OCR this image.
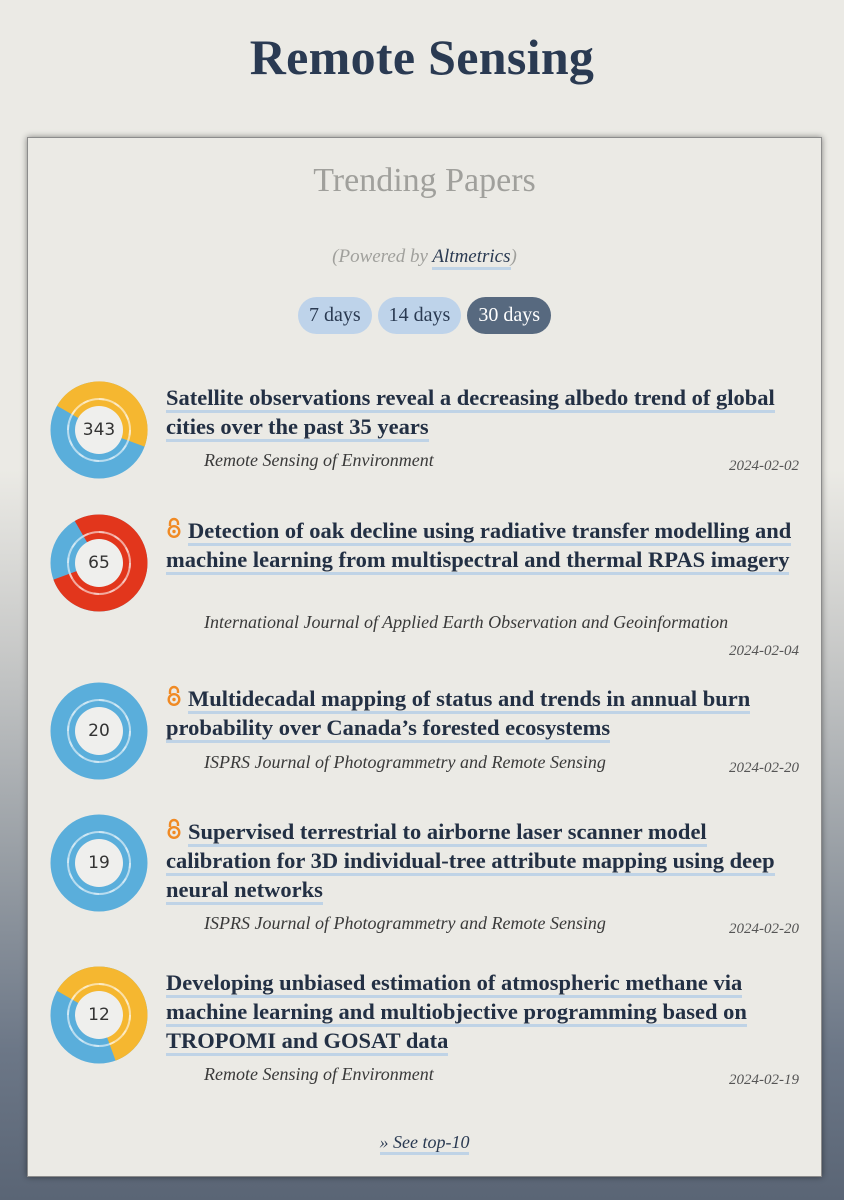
Remote Sensing
Trending Papers
(Powered by Altmetrics)
7 days 14 days 30 days
343
Satellite observations reveal a decreasing albedo trend of global cities over the past 35 years
Remote Sensing of Environment	2024-02-02
65
Detection of oak decline using radiative transfer modelling and machine learning from multispectral and thermal RPAS imagery
International Journal of Applied Earth Observation and Geoinformation
2024-02-04
20
Multidecadal mapping of status and trends in annual burn probability over Canada’s forested ecosystems
ISPRS Journal of Photogrammetry and Remote Sensing	2024-02-20
19
Supervised terrestrial to airborne laser scanner model calibration for 3D individual-tree attribute mapping using deep neural networks
ISPRS Journal of Photogrammetry and Remote Sensing	2024-02-20
12
Developing unbiased estimation of atmospheric methane via machine learning and multiobjective programming based on TROPOMI and GOSAT data
Remote Sensing of Environment	2024-02-19
» See top-10
